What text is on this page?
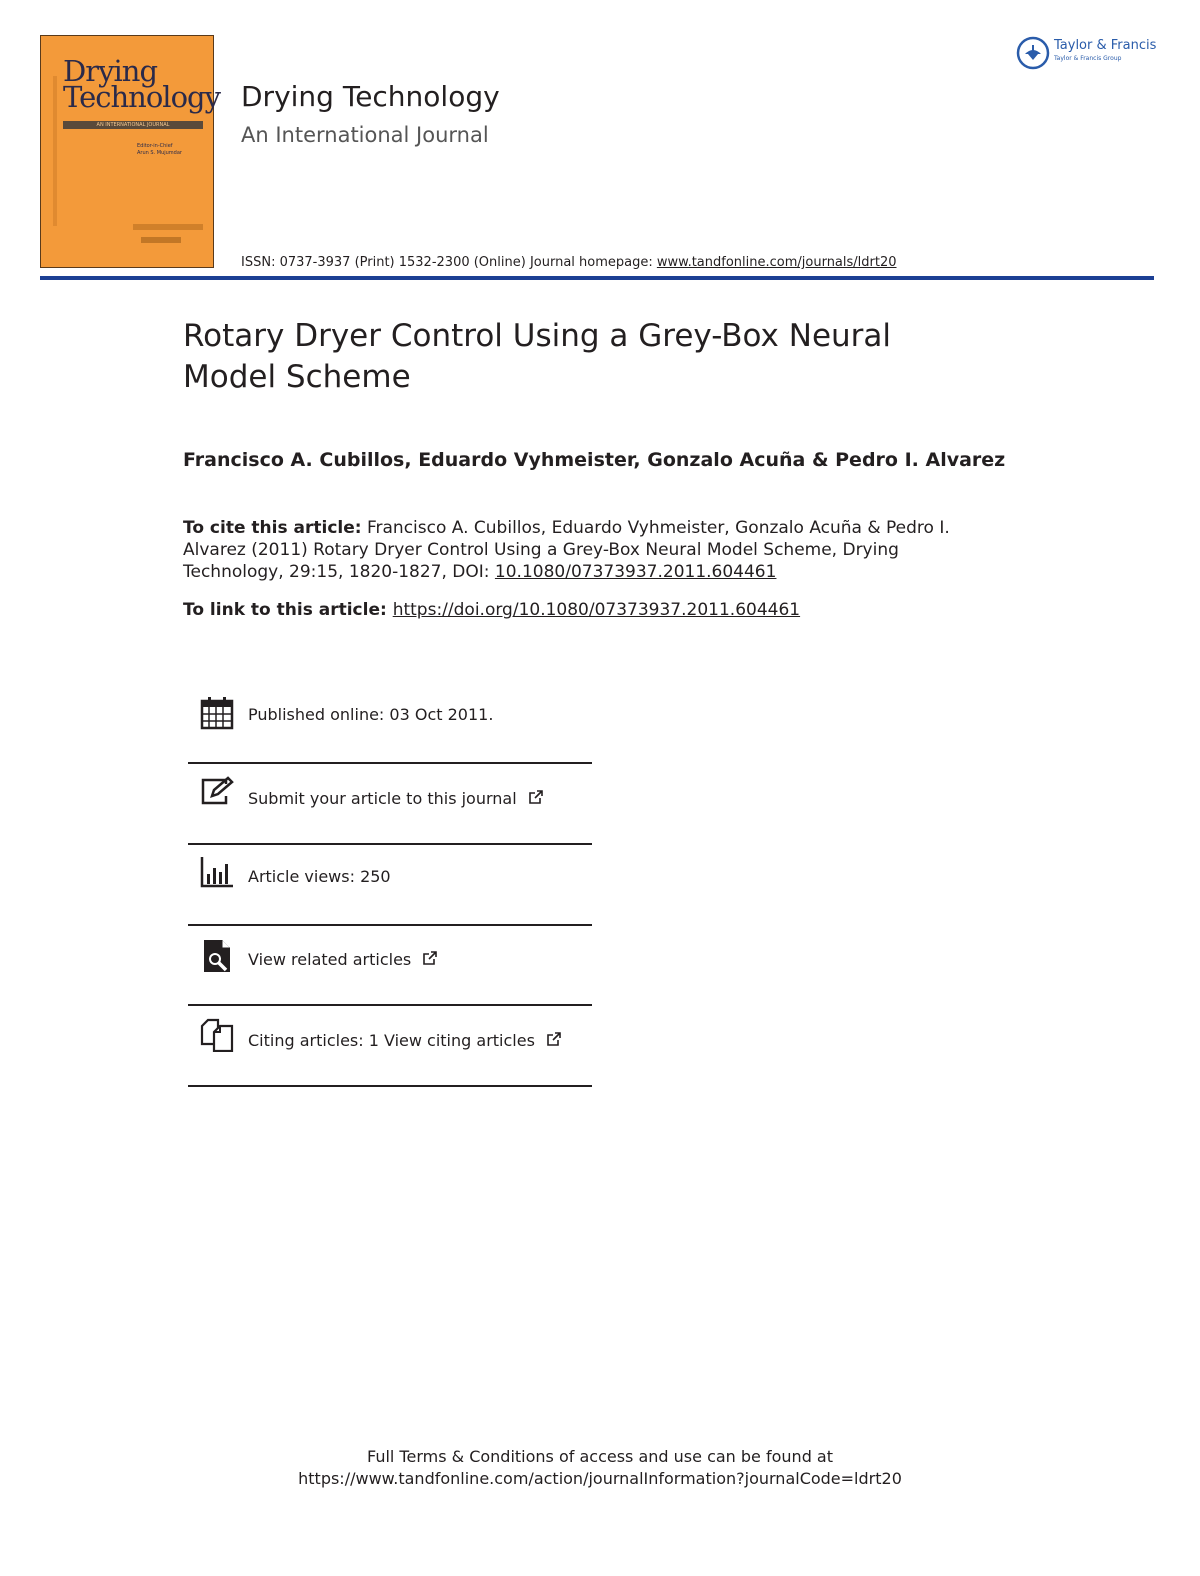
Drying
Technology
AN INTERNATIONAL JOURNAL
Editor-in-Chief
Arun S. Mujumdar
Drying Technology
An International Journal
Taylor & Francis
Taylor & Francis Group
ISSN: 0737-3937 (Print) 1532-2300 (Online) Journal homepage: www.tandfonline.com/journals/ldrt20
Rotary Dryer Control Using a Grey-Box Neural Model Scheme
Francisco A. Cubillos, Eduardo Vyhmeister, Gonzalo Acuña & Pedro I. Alvarez
To cite this article: Francisco A. Cubillos, Eduardo Vyhmeister, Gonzalo Acuña & Pedro I. Alvarez (2011) Rotary Dryer Control Using a Grey-Box Neural Model Scheme, Drying Technology, 29:15, 1820-1827, DOI: 10.1080/07373937.2011.604461
To link to this article: https://doi.org/10.1080/07373937.2011.604461
Published online: 03 Oct 2011.
Submit your article to this journal
Article views: 250
View related articles
Citing articles: 1 View citing articles
Full Terms & Conditions of access and use can be found at
https://www.tandfonline.com/action/journalInformation?journalCode=ldrt20
